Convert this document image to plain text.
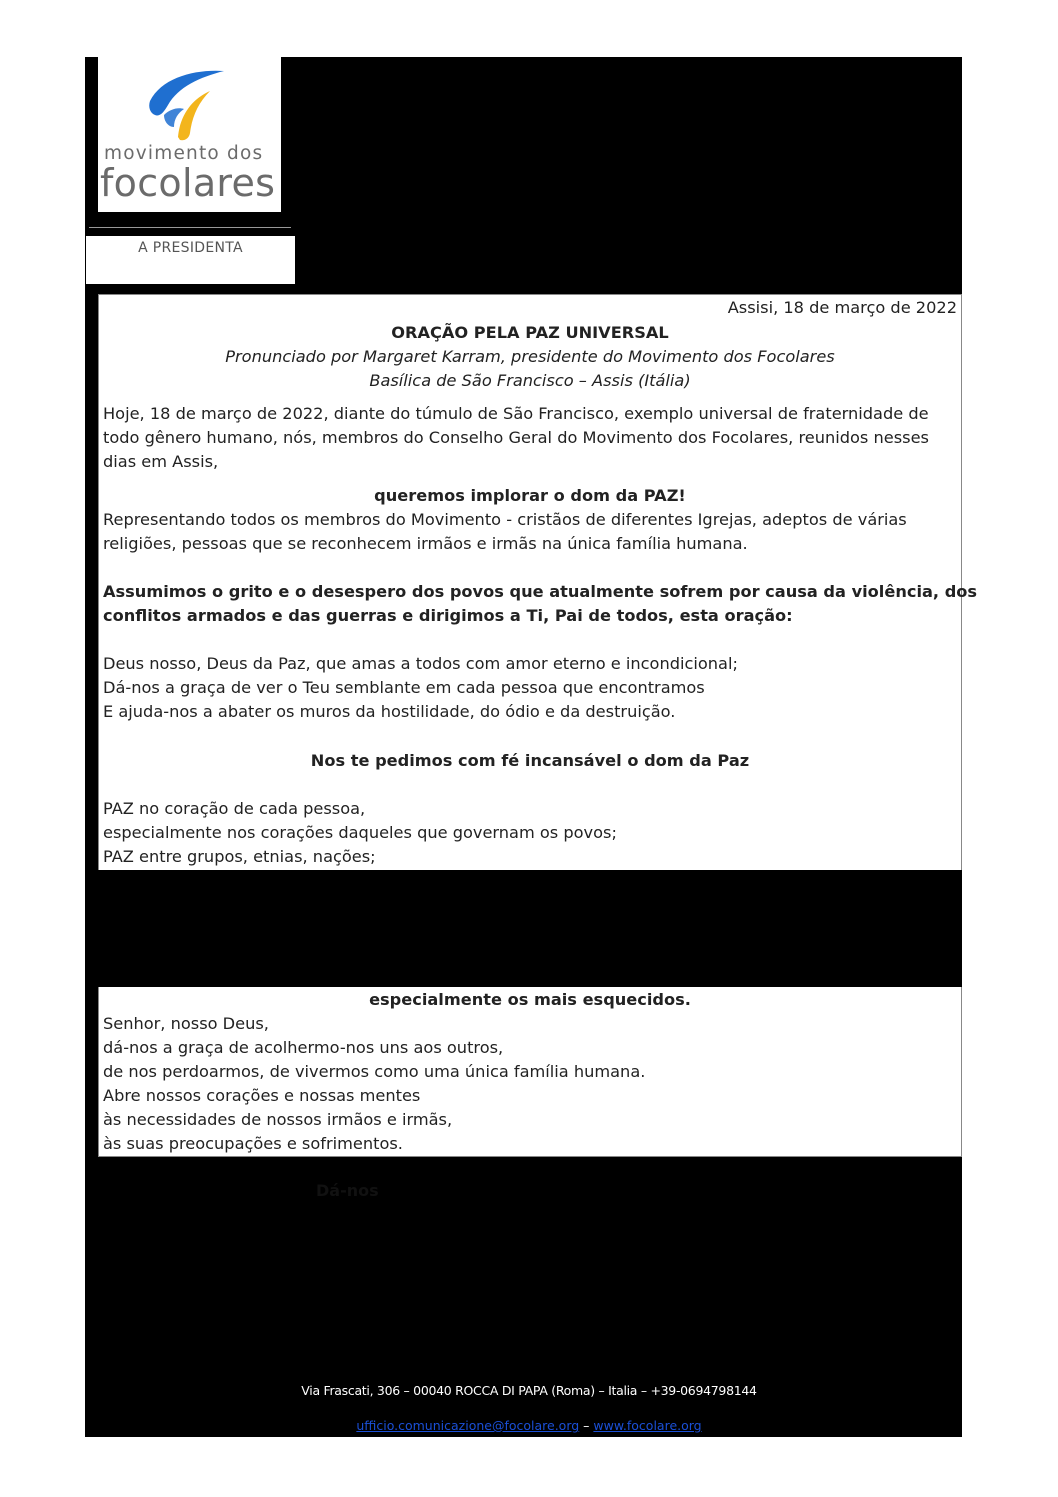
movimento dos
focolares
A PRESIDENTA
Assisi, 18 de março de 2022
ORAÇÃO PELA PAZ UNIVERSAL
Pronunciado por Margaret Karram, presidente do Movimento dos Focolares
Basílica de São Francisco – Assis (Itália)
Hoje, 18 de março de 2022, diante do túmulo de São Francisco, exemplo universal de fraternidade de
todo gênero humano, nós, membros do Conselho Geral do Movimento dos Focolares, reunidos nesses
dias em Assis,
queremos implorar o dom da PAZ!
Representando todos os membros do Movimento - cristãos de diferentes Igrejas, adeptos de várias
religiões, pessoas que se reconhecem irmãos e irmãs na única família humana.
Assumimos o grito e o desespero dos povos que atualmente sofrem por causa da violência, dos
conflitos armados e das guerras e dirigimos a Ti, Pai de todos, esta oração:
Deus nosso, Deus da Paz, que amas a todos com amor eterno e incondicional;
Dá-nos a graça de ver o Teu semblante em cada pessoa que encontramos
E ajuda-nos a abater os muros da hostilidade, do ódio e da destruição.
Nos te pedimos com fé incansável o dom da Paz
PAZ no coração de cada pessoa,
especialmente nos corações daqueles que governam os povos;
PAZ entre grupos, etnias, nações;
especialmente os mais esquecidos.
Senhor, nosso Deus,
dá-nos a graça de acolhermo-nos uns aos outros,
de nos perdoarmos, de vivermos como uma única família humana.
Abre nossos corações e nossas mentes
às necessidades de nossos irmãos e irmãs,
às suas preocupações e sofrimentos.
Dá-nos
Via Frascati, 306 – 00040 ROCCA DI PAPA (Roma) – Italia – +39-0694798144
ufficio.comunicazione@focolare.org – www.focolare.org
